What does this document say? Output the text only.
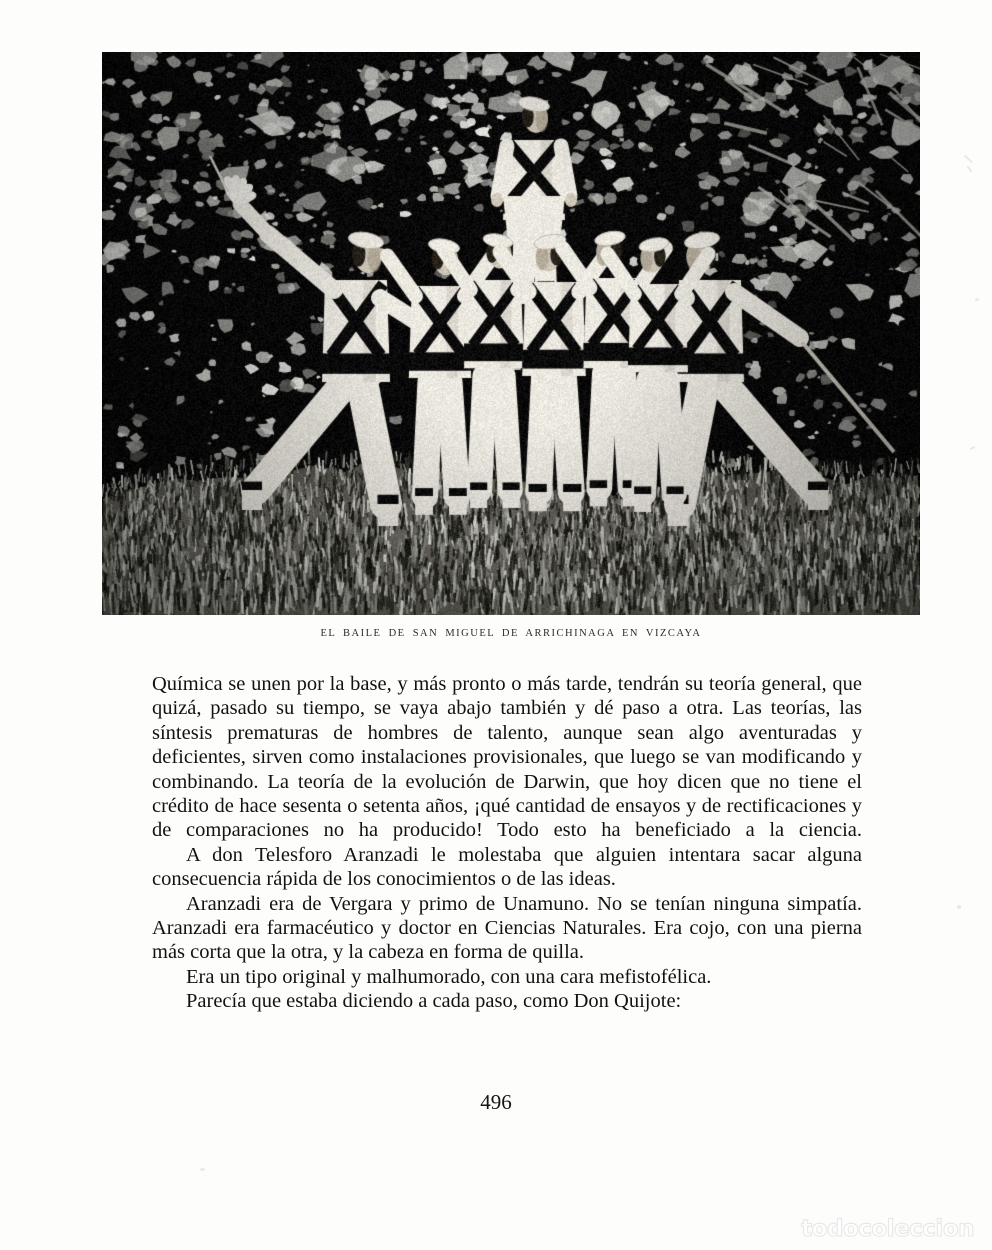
EL BAILE DE SAN MIGUEL DE ARRICHINAGA EN VIZCAYA

Química se unen por la base, y más pronto o más tarde, tendrán su teoría general, que quizá, pasado su tiempo, se vaya abajo también y dé paso a otra. Las teorías, las síntesis prematuras de hombres de talento, aunque sean algo aventuradas y deficientes, sirven como instalaciones provisionales, que luego se van modificando y combinando. La teoría de la evolución de Darwin, que hoy dicen que no tiene el crédito de hace sesenta o setenta años, ¡qué cantidad de ensayos y de rectificaciones y de comparaciones no ha producido! Todo esto ha beneficiado a la ciencia.

A don Telesforo Aranzadi le molestaba que alguien intentara sacar alguna consecuencia rápida de los conocimientos o de las ideas.

Aranzadi era de Vergara y primo de Unamuno. No se tenían ninguna simpatía. Aranzadi era farmacéutico y doctor en Ciencias Naturales. Era cojo, con una pierna más corta que la otra, y la cabeza en forma de quilla.

Era un tipo original y malhumorado, con una cara mefistofélica.

Parecía que estaba diciendo a cada paso, como Don Quijote:

496
todocoleccion
